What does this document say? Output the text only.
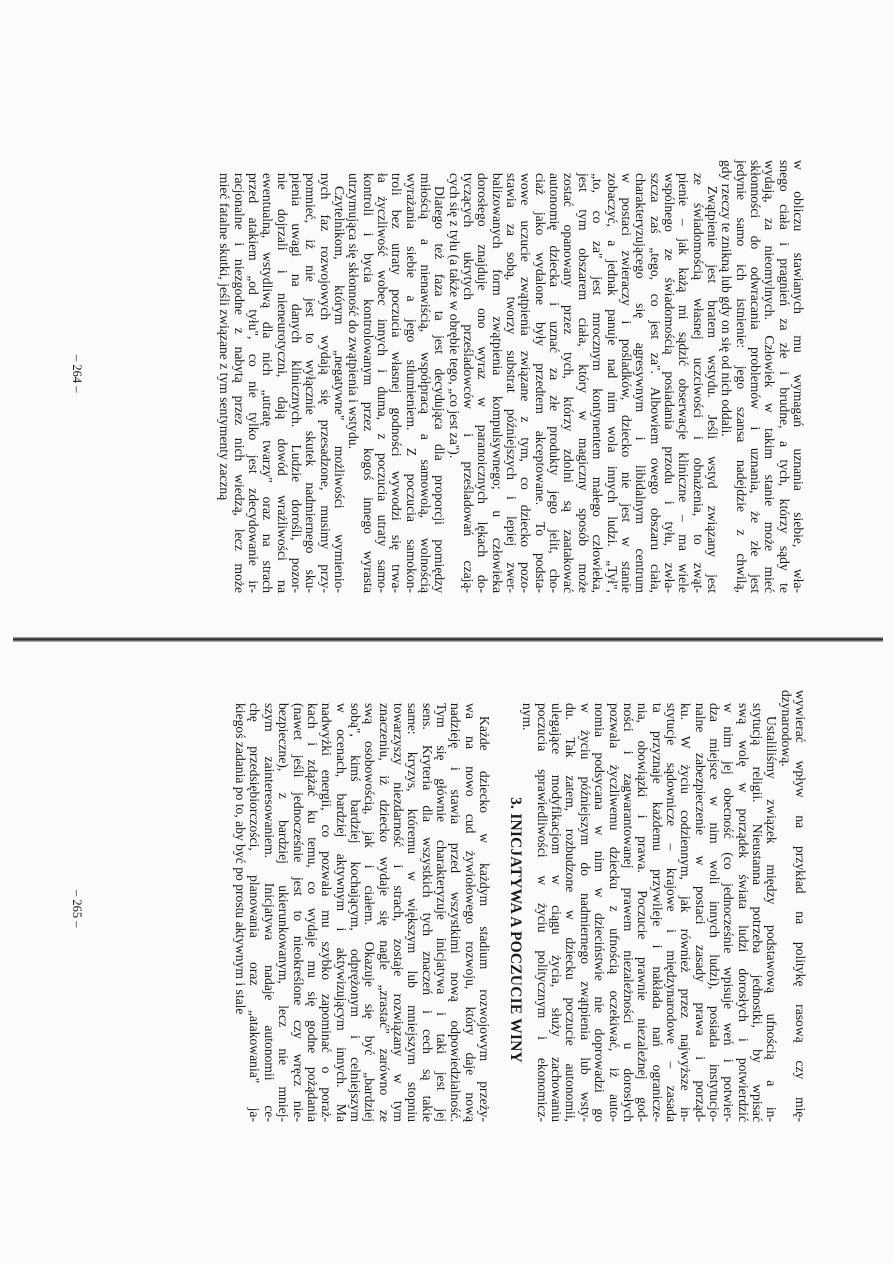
w obliczu stawianych mu wymagań uznania siebie, wła-
snego ciała i pragnień za złe i brudne, a tych, którzy sądy te
wydają, za nieomylnych. Człowiek w takim stanie może mieć
skłonności do odwracania problemów i uznania, że złe jest
jedynie samo ich istnienie: jego szansa nadejdzie z chwilą,
gdy rzeczy te znikną lub gdy on się od nich oddali.

Zwątpienie jest bratem wstydu. Jeśli wstyd związany jest
ze świadomością własnej uczciwości i obnażenia, to zwąt-
pienie – jak każą mi sądzić obserwacje kliniczne – ma wiele
wspólnego ze świadomością posiadania przodu i tyłu, zwła-
szcza zaś „tego, co jest za". Albowiem owego obszaru ciała,
charakteryzującego się agresywnym i libidalnym centrum
w postaci zwieraczy i pośladków, dziecko nie jest w stanie
zobaczyć, a jednak panuje nad nim wola innych ludzi. „Tył",
„to, co za" jest mrocznym kontynentem małego człowieka,
jest tym obszarem ciała, który w magiczny sposób może
zostać opanowany przez tych, którzy zdolni są zaatakować
autonomię dziecka i uznać za złe produkty jego jelit, cho-
ciaż jako wydalone były przedtem akceptowane. To podsta-
wowe uczucie zwątpienia związane z tym, co dziecko pozo-
stawia za sobą, tworzy substrat późniejszych i lepiej zwer-
balizowanych form zwątpienia kompulsywnego; u człowieka
dorosłego znajduje ono wyraz w paranoicznych lękach do-
tyczących ukrytych prześladowców i prześladowań czają-
cych się z tyłu (a także w obrębie tego, „co jest za").

Dlatego też faza ta jest decydująca dla proporcji pomiędzy
miłością a nienawiścią, współpracą a samowolą, wolnością
wyrażania siebie a jego stłumieniem. Z poczucia samokon-
troli bez utraty poczucia własnej godności wywodzi się trwa-
ła życzliwość wobec innych i duma, z poczucia utraty samo-
kontroli i bycia kontrolowanym przez kogoś innego wyrasta
utrzymująca się skłonność do zwątpienia i wstydu.

Czytelnikom, którym „negatywne" możliwości wymienio-
nych faz rozwojowych wydają się przesadzone, musimy przy-
pomnieć, iż nie jest to wyłącznie skutek nadmiernego sku-
pienia uwagi na danych klinicznych. Ludzie dorośli, pozor-
nie dojrzali i nieneurotyczni, dają dowód wrażliwości na
ewentualną, wstydliwą dla nich „utratę twarzy" oraz na strach
przed atakiem „od tyłu", co nie tylko jest zdecydowanie ir-
racjonalne i niezgodne z nabytą przez nich wiedzą, lecz może
mieć fatalne skutki, jeśli związane z tym sentymenty zaczną

– 264 –

wywierać wpływ na przykład na politykę rasową czy mię-
dzynarodową.

Ustaliliśmy związek między podstawową ufnością a in-
stytucją religii. Nieustanna potrzeba jednostki, by wpisać
swą wolę w porządek świata ludzi dorosłych i potwierdzić
w nim jej obecność (co jednocześnie wpisuje weń i potwier-
dza miejsce w nim woli innych ludzi), posiada instytucjo-
nalne zabezpieczenie w postaci zasady prawa i porząd-
ku. W życiu codziennym, jak również przez najwyższe in-
stytucje sądownicze – krajowe i międzynarodowe – zasada
ta przyznaje każdemu przywileje i nakłada nań ograniczе-
nia, obowiązki i prawa. Poczucie prawnie niezależnej god-
ności i zagwarantowanej prawem niezależności u dorosłych
pozwala życzliwemu dziecku z ufnością oczekiwać, iż auto-
nomia podsycana w nim w dzieciństwie nie doprowadzi go
w życiu późniejszym do nadmiernego zwątpienia lub wsty-
du. Tak zatem, rozbudzone w dziecku poczucie autonomii,
ulegające modyfikacjom w ciągu życia, służy zachowaniu
poczucia sprawiedliwości w życiu politycznym i ekonomicz-
nym.

3. INICJATYWA A POCZUCIE WINY

Każde dziecko w każdym stadium rozwojowym przeży-
wa na nowo cud żywiołowego rozwoju, który daje nową
nadzieję i stawia przed wszystkimi nową odpowiedzialność.
Tym się głównie charakteryzuje inicjatywa i taki jest jej
sens. Kryteria dla wszystkich tych znaczeń i cech są takie
same: kryzys, któremu w większym lub mniejszym stopniu
towarzyszy niezdarność i strach, zostaje rozwiązany w tym
znaczeniu, iż dziecko wydaje się nagle „zrastać" zarówno ze
swą osobowością, jak i ciałem. Okazuje się być „bardziej
sobą", kimś bardziej kochającym, odprężonym i celniejszym
w ocenach, bardziej aktywnym i aktywizującym innych. Ma
nadwyżki energii, co pozwala mu szybko zapominać o poraż-
kach i zdążać ku temu, co wydaje mu się godne pożądania
(nawet jeśli jednocześnie jest to nieokreślone czy wręcz nie-
bezpieczne), z bardziej ukierunkowanym, lecz nie mniej-
szym zainteresowaniem. Inicjatywa nadaje autonomii ce-
chę przedsiębiorczości, planowania oraz „atakowania" ja-
kiegoś zadania po to, aby być po prostu aktywnym i stale

– 265 –
